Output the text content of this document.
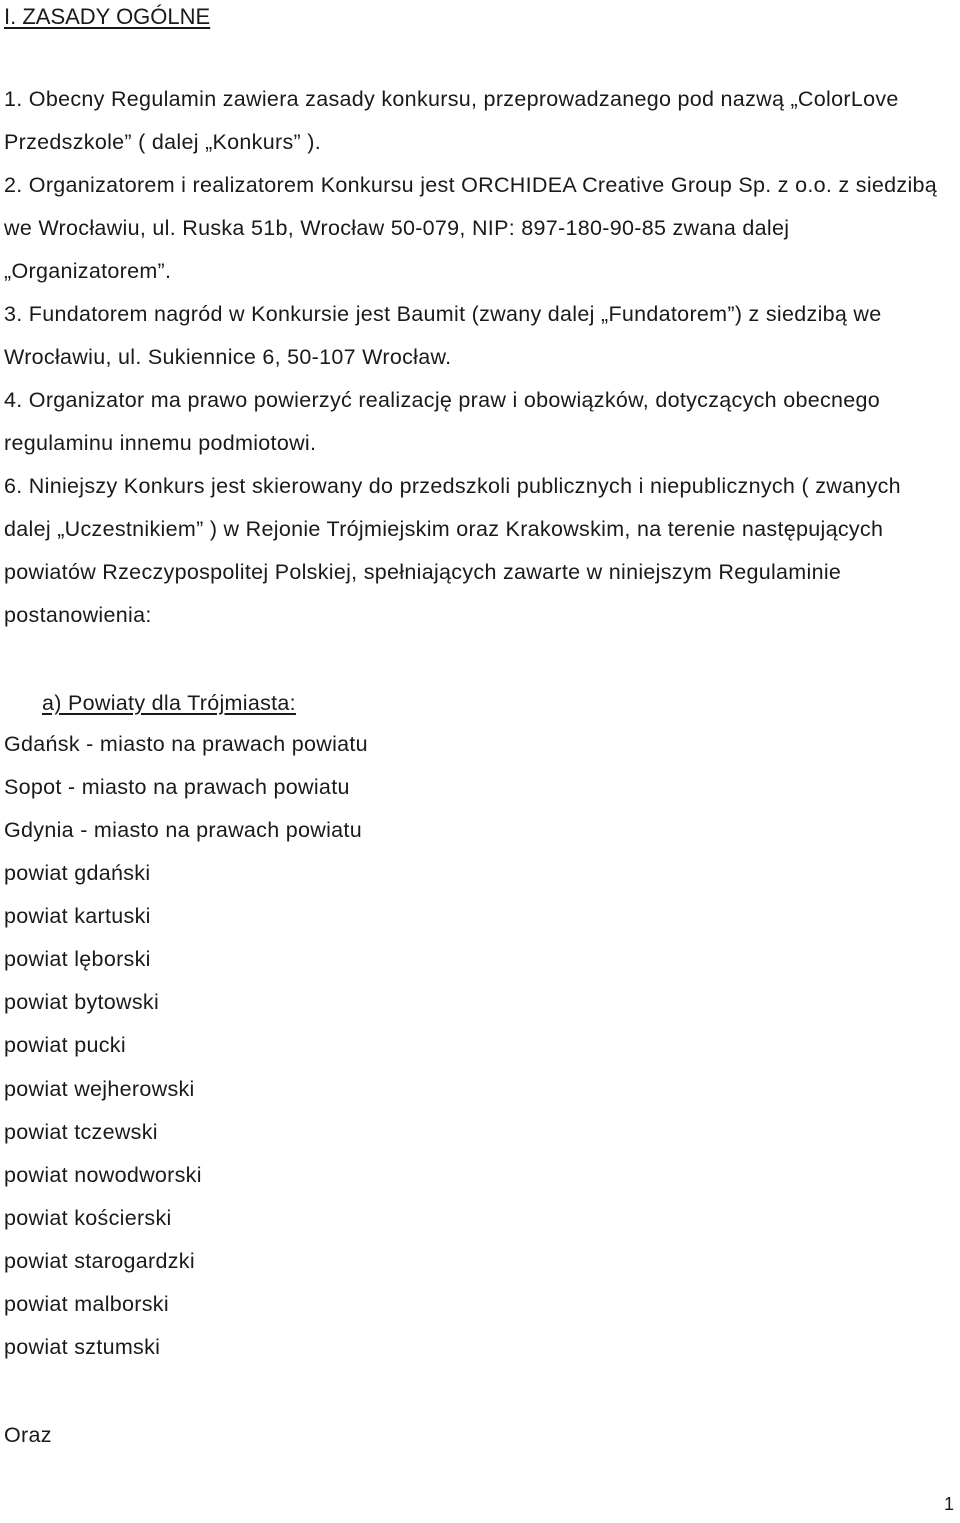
I. ZASADY OGÓLNE

1. Obecny Regulamin zawiera zasady konkursu, przeprowadzanego pod nazwą „ColorLove Przedszkole” ( dalej „Konkurs” ).

2. Organizatorem i realizatorem Konkursu jest ORCHIDEA Creative Group Sp. z o.o. z siedzibą we Wrocławiu, ul. Ruska 51b, Wrocław 50-079, NIP: 897-180-90-85 zwana dalej „Organizatorem”.

3. Fundatorem nagród w Konkursie jest Baumit (zwany dalej „Fundatorem”) z siedzibą we Wrocławiu, ul. Sukiennice 6, 50-107 Wrocław.

4. Organizator ma prawo powierzyć realizację praw i obowiązków, dotyczących obecnego regulaminu innemu podmiotowi.

6. Niniejszy Konkurs jest skierowany do przedszkoli publicznych i niepublicznych ( zwanych dalej „Uczestnikiem” ) w Rejonie Trójmiejskim oraz Krakowskim, na terenie następujących powiatów Rzeczypospolitej Polskiej, spełniających zawarte w niniejszym Regulaminie postanowienia:

a) Powiaty dla Trójmiasta:
Gdańsk - miasto na prawach powiatu
Sopot - miasto na prawach powiatu
Gdynia - miasto na prawach powiatu
powiat gdański
powiat kartuski
powiat lęborski
powiat bytowski
powiat pucki
powiat wejherowski
powiat tczewski
powiat nowodworski
powiat kościerski
powiat starogardzki
powiat malborski
powiat sztumski
Oraz
1
